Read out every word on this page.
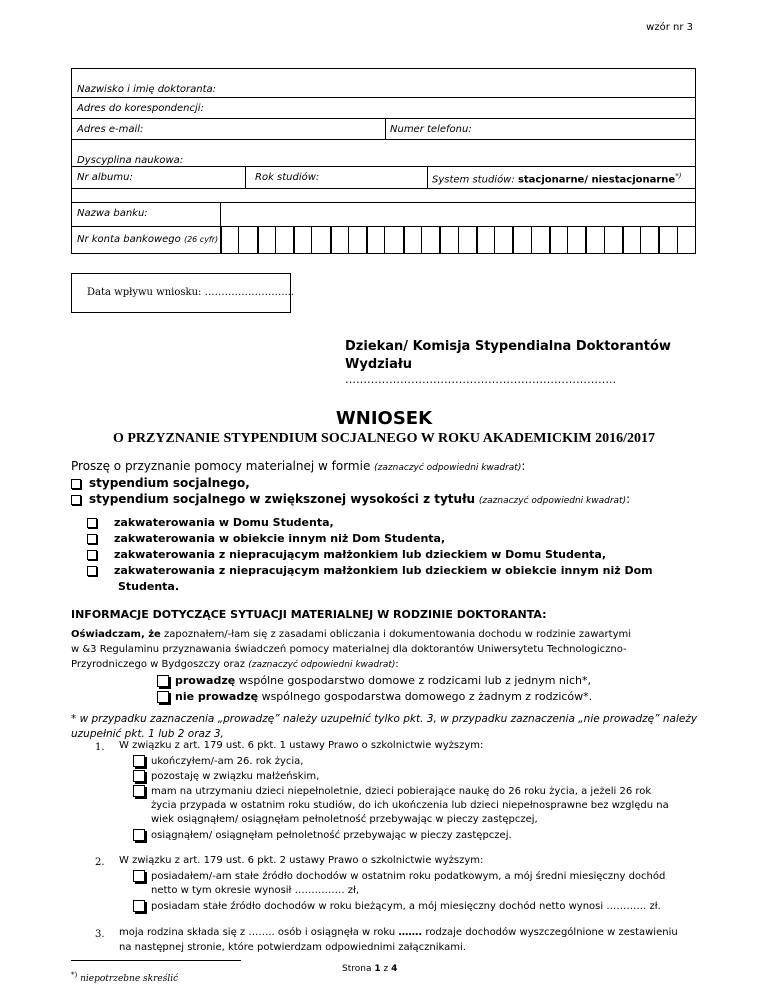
wzór nr 3
Nazwisko i imię doktoranta:
Adres do korespondencji:
Adres e-mail:	Numer telefonu:
Dyscyplina naukowa:
Nr albumu:	Rok studiów:	System studiów: stacjonarne/ niestacjonarne*)
Nazwa banku:
Nr konta bankowego (26 cyfr)
Data wpływu wniosku: ……………………...
Dziekan/ Komisja Stypendialna Doktorantów
Wydziału
………………………………………………………………..
WNIOSEK
O PRZYZNANIE STYPENDIUM SOCJALNEGO W ROKU AKADEMICKIM 2016/2017
Proszę o przyznanie pomocy materialnej w formie (zaznaczyć odpowiedni kwadrat):
stypendium socjalnego,
stypendium socjalnego w zwiększonej wysokości z tytułu (zaznaczyć odpowiedni kwadrat):
zakwaterowania w Domu Studenta,
zakwaterowania w obiekcie innym niż Dom Studenta,
zakwaterowania z niepracującym małżonkiem lub dzieckiem w Domu Studenta,
zakwaterowania z niepracującym małżonkiem lub dzieckiem w obiekcie innym niż Dom
Studenta.
INFORMACJE DOTYCZĄCE SYTUACJI MATERIALNEJ W RODZINIE DOKTORANTA:
Oświadczam, że zapoznałem/-łam się z zasadami obliczania i dokumentowania dochodu w rodzinie zawartymi
w &3 Regulaminu przyznawania świadczeń pomocy materialnej dla doktorantów Uniwersytetu Technologiczno-
Przyrodniczego w Bydgoszczy oraz (zaznaczyć odpowiedni kwadrat):
prowadzę wspólne gospodarstwo domowe z rodzicami lub z jednym nich*,
nie prowadzę wspólnego gospodarstwa domowego z żadnym z rodziców*.
* w przypadku zaznaczenia „prowadzę” należy uzupełnić tylko pkt. 3, w przypadku zaznaczenia „nie prowadzę” należy
uzupełnić pkt. 1 lub 2 oraz 3,
1. W związku z art. 179 ust. 6 pkt. 1 ustawy Prawo o szkolnictwie wyższym:
ukończyłem/-am 26. rok życia,
pozostaję w związku małżeńskim,
mam na utrzymaniu dzieci niepełnoletnie, dzieci pobierające naukę do 26 roku życia, a jeżeli 26 rok
życia przypada w ostatnim roku studiów, do ich ukończenia lub dzieci niepełnosprawne bez względu na
wiek osiągnąłem/ osiągnęłam pełnoletność przebywając w pieczy zastępczej,
osiągnąłem/ osiągnęłam pełnoletność przebywając w pieczy zastępczej.
2. W związku z art. 179 ust. 6 pkt. 2 ustawy Prawo o szkolnictwie wyższym:
posiadałem/-am stałe źródło dochodów w ostatnim roku podatkowym, a mój średni miesięczny dochód
netto w tym okresie wynosił …………… zł,
posiadam stałe źródło dochodów w roku bieżącym, a mój miesięczny dochód netto wynosi ………… zł.
3. moja rodzina składa się z …….. osób i osiągnęła w roku ……. rodzaje dochodów wyszczególnione w zestawieniu
na następnej stronie, które potwierdzam odpowiednimi załącznikami.
*) niepotrzebne skreślić
Strona 1 z 4
